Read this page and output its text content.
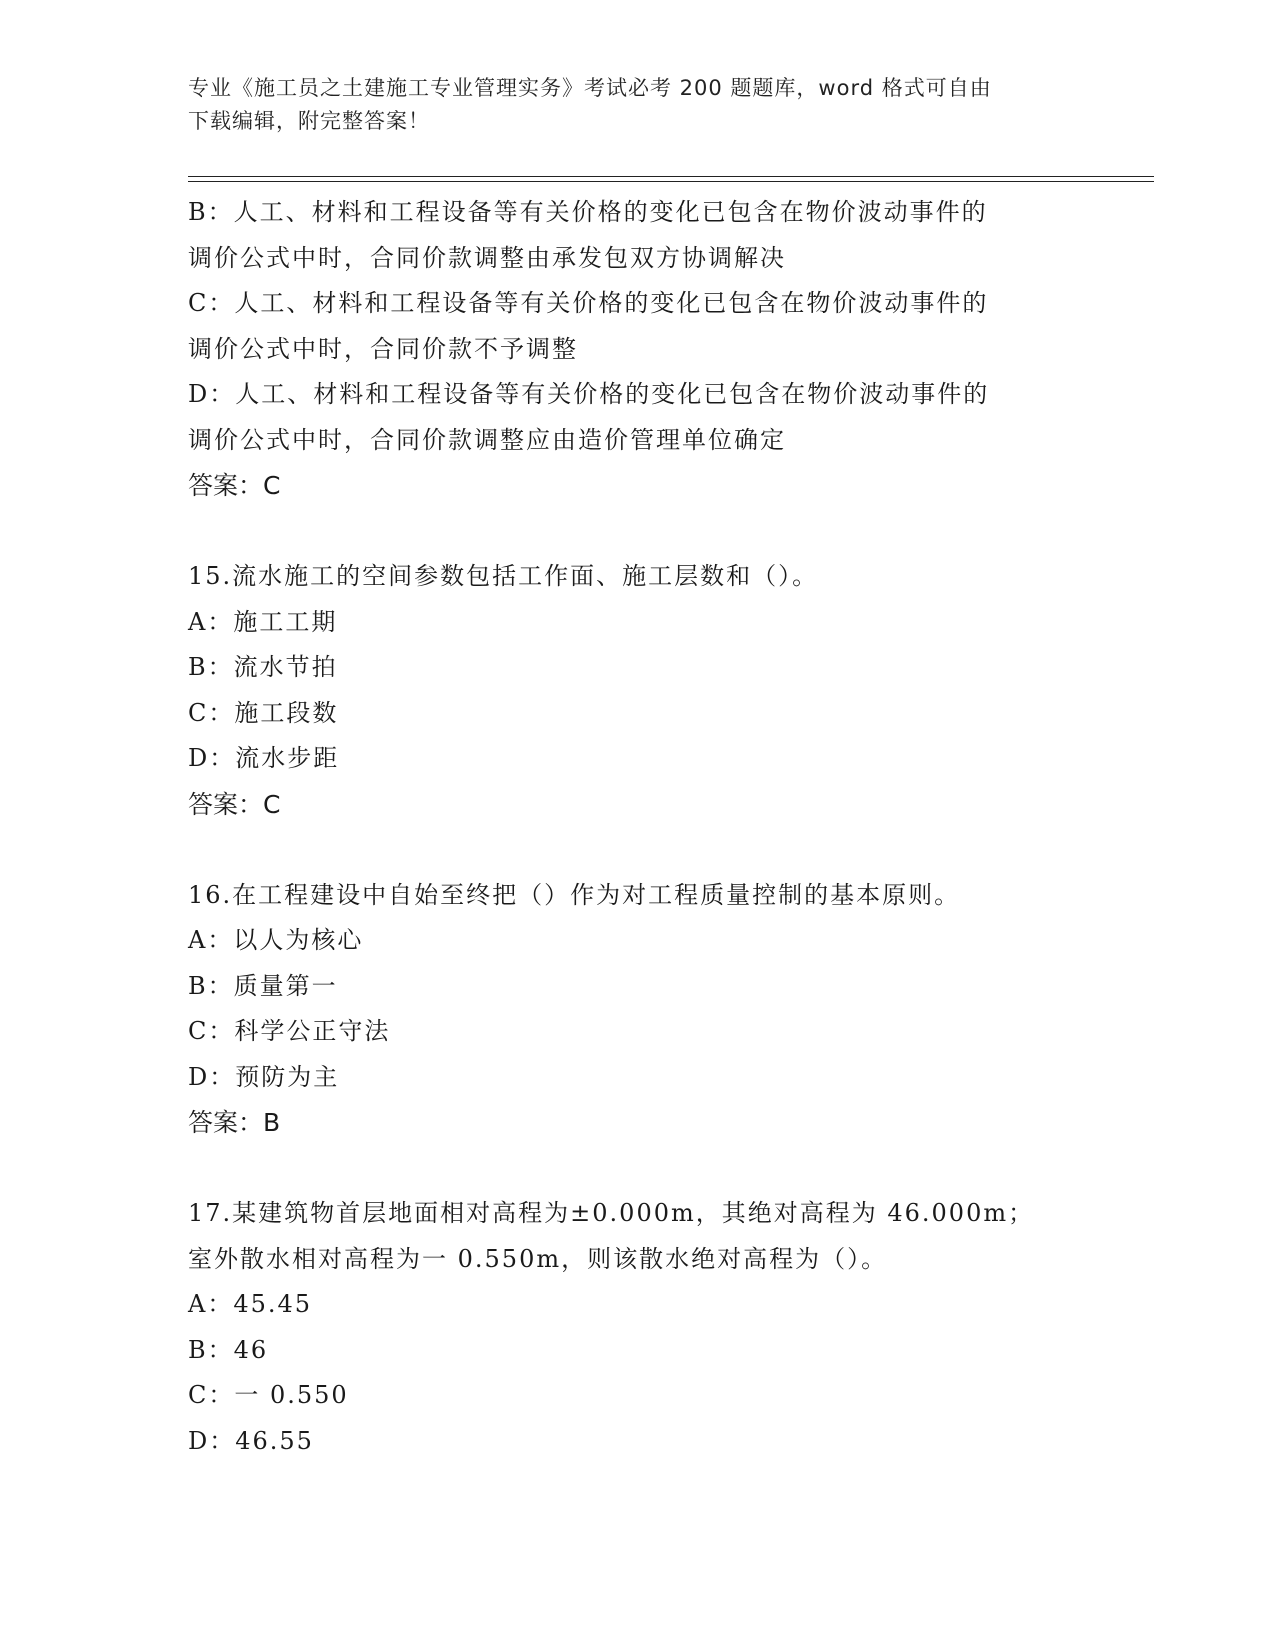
专业《施工员之土建施工专业管理实务》考试必考 200 题题库，word 格式可自由
下载编辑，附完整答案！
B：人工、材料和工程设备等有关价格的变化已包含在物价波动事件的
调价公式中时，合同价款调整由承发包双方协调解决
C：人工、材料和工程设备等有关价格的变化已包含在物价波动事件的
调价公式中时，合同价款不予调整
D：人工、材料和工程设备等有关价格的变化已包含在物价波动事件的
调价公式中时，合同价款调整应由造价管理单位确定
答案：C
15.流水施工的空间参数包括工作面、施工层数和（）。
A：施工工期
B：流水节拍
C：施工段数
D：流水步距
答案：C
16.在工程建设中自始至终把（）作为对工程质量控制的基本原则。
A：以人为核心
B：质量第一
C：科学公正守法
D：预防为主
答案：B
17.某建筑物首层地面相对高程为±0.000m，其绝对高程为 46.000m；
室外散水相对高程为一 0.550m，则该散水绝对高程为（）。
A：45.45
B：46
C：一 0.550
D：46.55
